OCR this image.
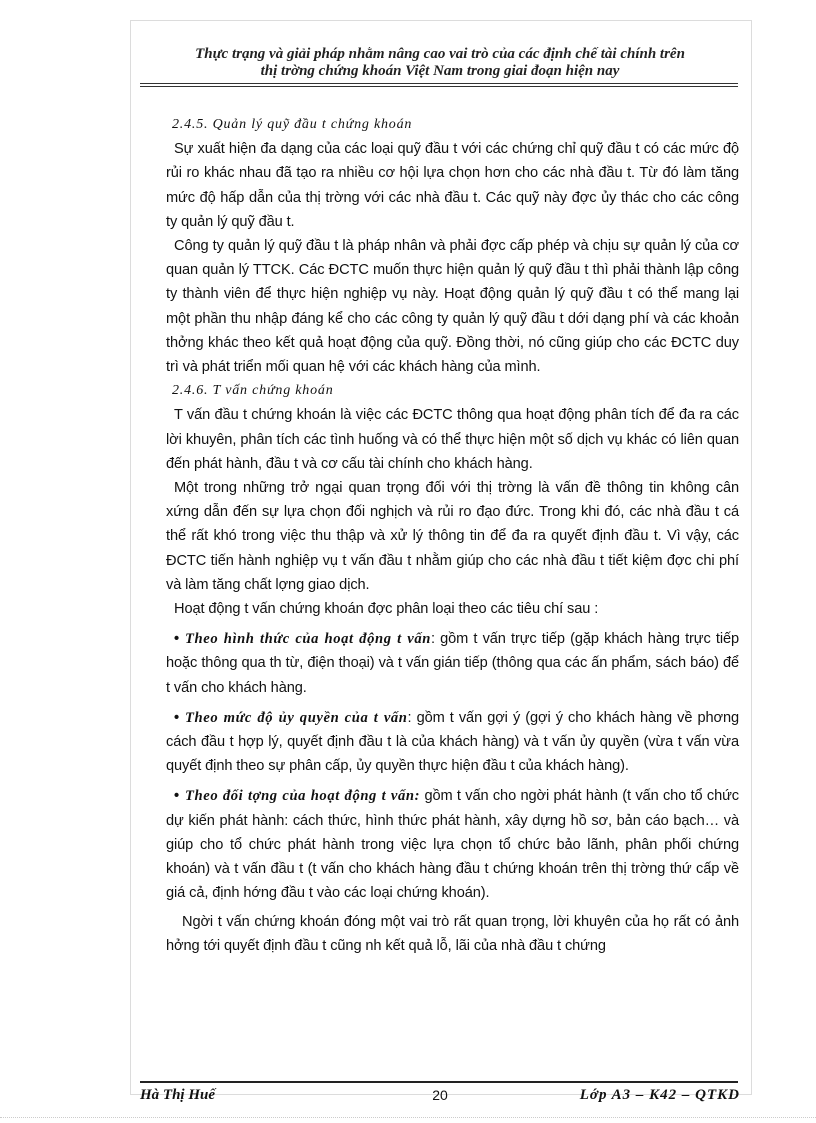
Thực trạng và giải pháp nhằm nâng cao vai trò của các định chế tài chính trên
thị trờng chứng khoán Việt Nam trong giai đoạn hiện nay

2.4.5. Quản lý quỹ đầu t chứng khoán

Sự xuất hiện đa dạng của các loại quỹ đầu t với các chứng chỉ quỹ đầu t có các mức độ rủi ro khác nhau đã tạo ra nhiều cơ hội lựa chọn hơn cho các nhà đầu t. Từ đó làm tăng mức độ hấp dẫn của thị trờng với các nhà đầu t. Các quỹ này đợc ủy thác cho các công ty quản lý quỹ đầu t.

Công ty quản lý quỹ đầu t là pháp nhân và phải đợc cấp phép và chịu sự quản lý của cơ quan quản lý TTCK. Các ĐCTC muốn thực hiện quản lý quỹ đầu t thì phải thành lập công ty thành viên để thực hiện nghiệp vụ này. Hoạt động quản lý quỹ đầu t có thể mang lại một phần thu nhập đáng kể cho các công ty quản lý quỹ đầu t dới dạng phí và các khoản thởng khác theo kết quả hoạt động của quỹ. Đồng thời, nó cũng giúp cho các ĐCTC duy trì và phát triển mối quan hệ với các khách hàng của mình.

2.4.6. T vấn chứng khoán

T vấn đầu t chứng khoán là việc các ĐCTC thông qua hoạt động phân tích để đa ra các lời khuyên, phân tích các tình huống và có thể thực hiện một số dịch vụ khác có liên quan đến phát hành, đầu t và cơ cấu tài chính cho khách hàng.

Một trong những trở ngại quan trọng đối với thị trờng là vấn đề thông tin không cân xứng dẫn đến sự lựa chọn đối nghịch và rủi ro đạo đức. Trong khi đó, các nhà đầu t cá thể rất khó trong việc thu thập và xử lý thông tin để đa ra quyết định đầu t. Vì vậy, các ĐCTC tiến hành nghiệp vụ t vấn đầu t nhằm giúp cho các nhà đầu t tiết kiệm đợc chi phí và làm tăng chất lợng giao dịch.

Hoạt động t vấn chứng khoán đợc phân loại theo các tiêu chí sau :

• Theo hình thức của hoạt động t vấn: gồm t vấn trực tiếp (gặp khách hàng trực tiếp hoặc thông qua th từ, điện thoại) và t vấn gián tiếp (thông qua các ấn phẩm, sách báo) để t vấn cho khách hàng.

• Theo mức độ ủy quyền của t vấn: gồm t vấn gợi ý (gợi ý cho khách hàng về phơng cách đầu t hợp lý, quyết định đầu t là của khách hàng) và t vấn ủy quyền (vừa t vấn vừa quyết định theo sự phân cấp, ủy quyền thực hiện đầu t của khách hàng).

• Theo đối tợng của hoạt động t vấn: gồm t vấn cho ngời phát hành (t vấn cho tổ chức dự kiến phát hành: cách thức, hình thức phát hành, xây dựng hồ sơ, bản cáo bạch… và giúp cho tổ chức phát hành trong việc lựa chọn tổ chức bảo lãnh, phân phối chứng khoán) và t vấn đầu t (t vấn cho khách hàng đầu t chứng khoán trên thị trờng thứ cấp về giá cả, định hớng đầu t vào các loại chứng khoán).

Ngời t vấn chứng khoán đóng một vai trò rất quan trọng, lời khuyên của họ rất có ảnh hởng tới quyết định đầu t cũng nh kết quả lỗ, lãi của nhà đầu t chứng

Hà Thị Huế	20	Lớp A3 – K42 – QTKD
